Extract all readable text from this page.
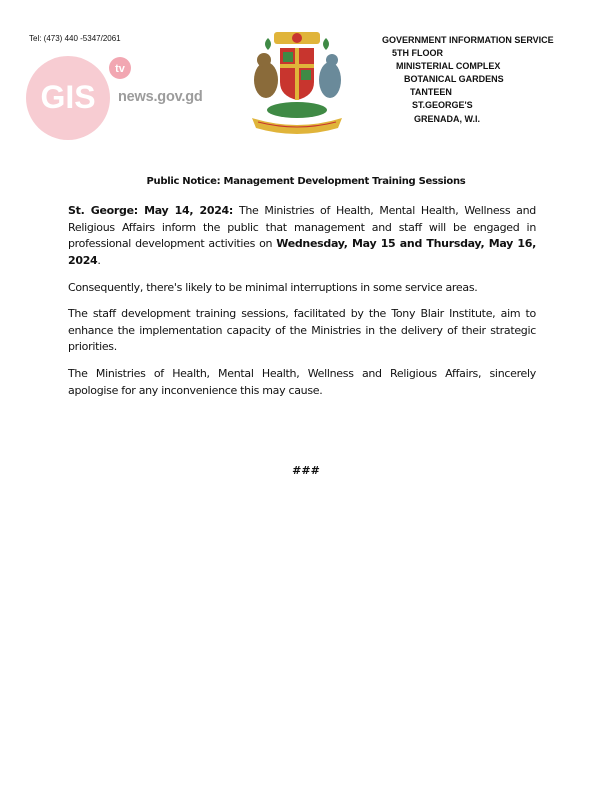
Tel: (473) 440 -5347/2061
tv
GIS news.gov.gd
GOVERNMENT INFORMATION SERVICE
5TH FLOOR
MINISTERIAL COMPLEX
BOTANICAL GARDENS
TANTEEN
ST.GEORGE'S
GRENADA, W.I.
Public Notice: Management Development Training Sessions
St. George: May 14, 2024: The Ministries of Health, Mental Health, Wellness and Religious Affairs inform the public that management and staff will be engaged in professional development activities on Wednesday, May 15 and Thursday, May 16, 2024.
Consequently, there's likely to be minimal interruptions in some service areas.
The staff development training sessions, facilitated by the Tony Blair Institute, aim to enhance the implementation capacity of the Ministries in the delivery of their strategic priorities.
The Ministries of Health, Mental Health, Wellness and Religious Affairs, sincerely apologise for any inconvenience this may cause.
###
